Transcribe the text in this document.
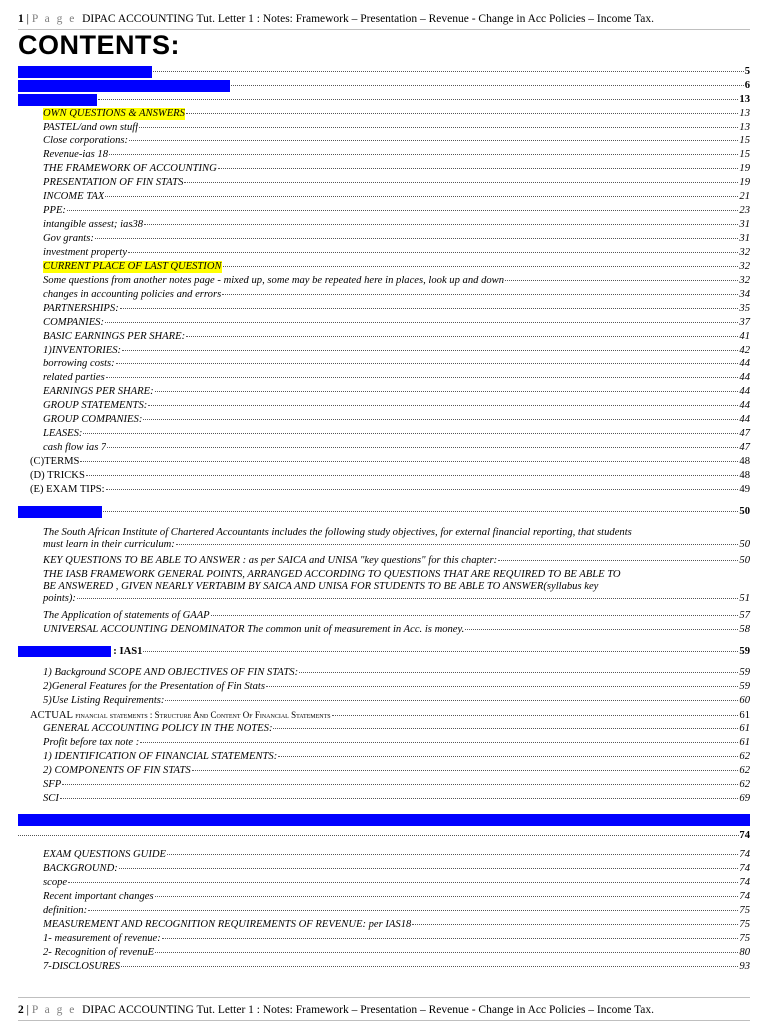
1 | P a g e DIPAC ACCOUNTING Tut. Letter 1 : Notes: Framework – Presentation – Revenue - Change in Acc Policies – Income Tax.
CONTENTS:
TO BE SCANNED IN STILL	5
(A) SHORT NOTES ON FRAMEWORK ETC	6
(B) QUESTIONS	13
OWN QUESTIONS & ANSWERS	13
PASTEL/and own stuff	13
Close corporations:	15
Revenue-ias 18	15
THE FRAMEWORK OF ACCOUNTING	19
PRESENTATION OF FIN STATS	19
INCOME TAX	21
PPE:	23
intangible assest; ias38	31
Gov grants:	31
investment property	32
CURRENT PLACE OF LAST QUESTION	32
Some questions from another notes page - mixed up, some may be repeated here in places, look up and down	32
changes in accounting policies and errors	34
PARTNERSHIPS:	35
COMPANIES:	37
BASIC EARNINGS PER SHARE:	41
1)INVENTORIES:	42
borrowing costs:	44
related parties	44
EARNINGS PER SHARE:	44
GROUP STATEMENTS:	44
GROUP COMPANIES:	44
LEASES:	47
cash flow ias 7	47
(C)TERMS	48
(D) TRICKS	48
(E) EXAM TIPS:	49
1. FRAMEWORK	50
The South African Institute of Chartered Accountants includes the following study objectives, for external financial reporting, that students
must learn in their curriculum:	50
KEY QUESTIONS TO BE ABLE TO ANSWER : as per SAICA and UNISA "key questions" for this chapter:	50
THE IASB FRAMEWORK GENERAL POINTS, ARRANGED ACCORDING TO QUESTIONS THAT ARE REQUIRED TO BE ABLE TO
BE ANSWERED , GIVEN NEARLY VERTABIM BY SAICA AND UNISA FOR STUDENTS TO BE ABLE TO ANSWER(syllabus key
points):	51
The Application of statements of GAAP	57
UNIVERSAL ACCOUNTING DENOMINATOR The common unit of measurement in Acc. is money.	58
2. PRESENTATION : IAS1	59
1) Background SCOPE AND OBJECTIVES OF FIN STATS:	59
2)General Features for the Presentation of Fin Stats	59
5)Use Listing Requirements:	60
ACTUAL financial statements : Structure And Content Of Financial Statements	61
GENERAL ACCOUNTING POLICY IN THE NOTES:	61
Profit before tax note :	61
1) IDENTIFICATION OF FINANCIAL STATEMENTS:	62
2) COMPONENTS OF FIN STATS	62
SFP	62
SCI	69
3. REVENUE : IAS 18 (AC111) ; SIC31(AC431); ED204; CIRCULAR09/06; IFRIC12(AC445); IFRIC13(AC446); IFRIC 15 (AC448)
74
EXAM QUESTIONS GUIDE	74
BACKGROUND:	74
scope	74
Recent important changes	74
definition:	75
MEASUREMENT AND RECOGNITION REQUIREMENTS OF REVENUE: per IAS18	75
1- measurement of revenue:	75
2- Recognition of revenuE	80
7-DISCLOSURES	93
2 | P a g e DIPAC ACCOUNTING Tut. Letter 1 : Notes: Framework – Presentation – Revenue - Change in Acc Policies – Income Tax.
